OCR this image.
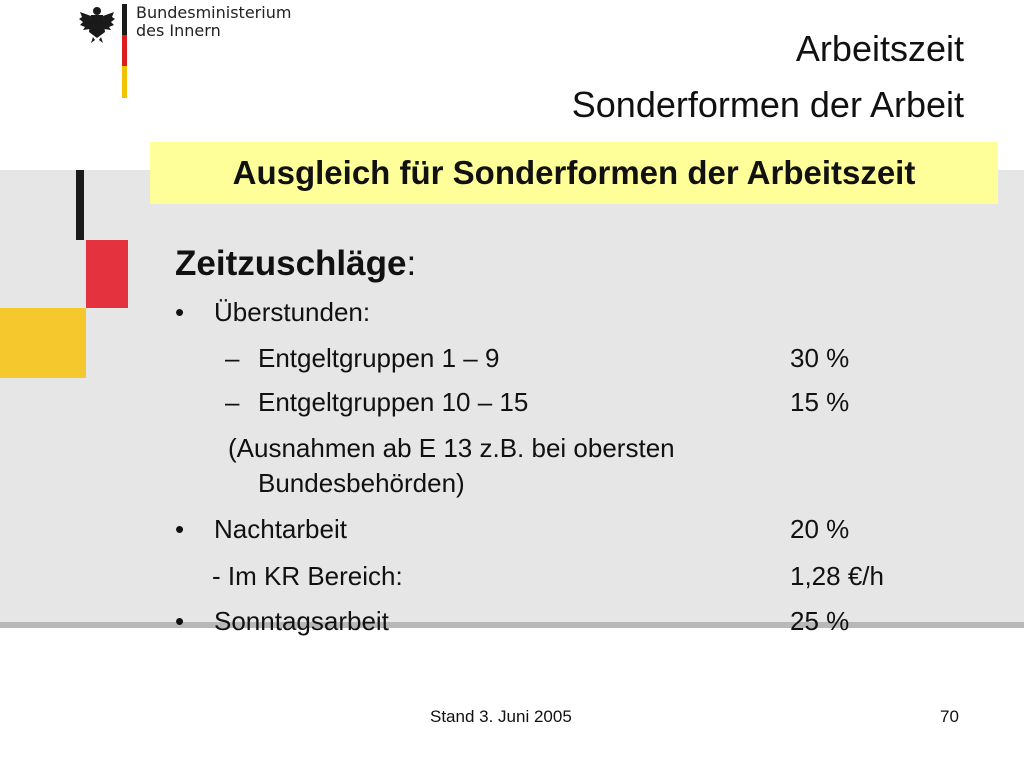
Bundesministerium
des Innern	Arbeitszeit
Sonderformen der Arbeit
Ausgleich für Sonderformen der Arbeitszeit
Zeitzuschläge:
• Überstunden:
– Entgeltgruppen 1 – 9	30 %
– Entgeltgruppen 10 – 15	15 %
(Ausnahmen ab E 13 z.B. bei obersten
Bundesbehörden)
• Nachtarbeit	20 %
- Im KR Bereich:	1,28 €/h
• Sonntagsarbeit	25 %
Stand 3. Juni 2005	70
